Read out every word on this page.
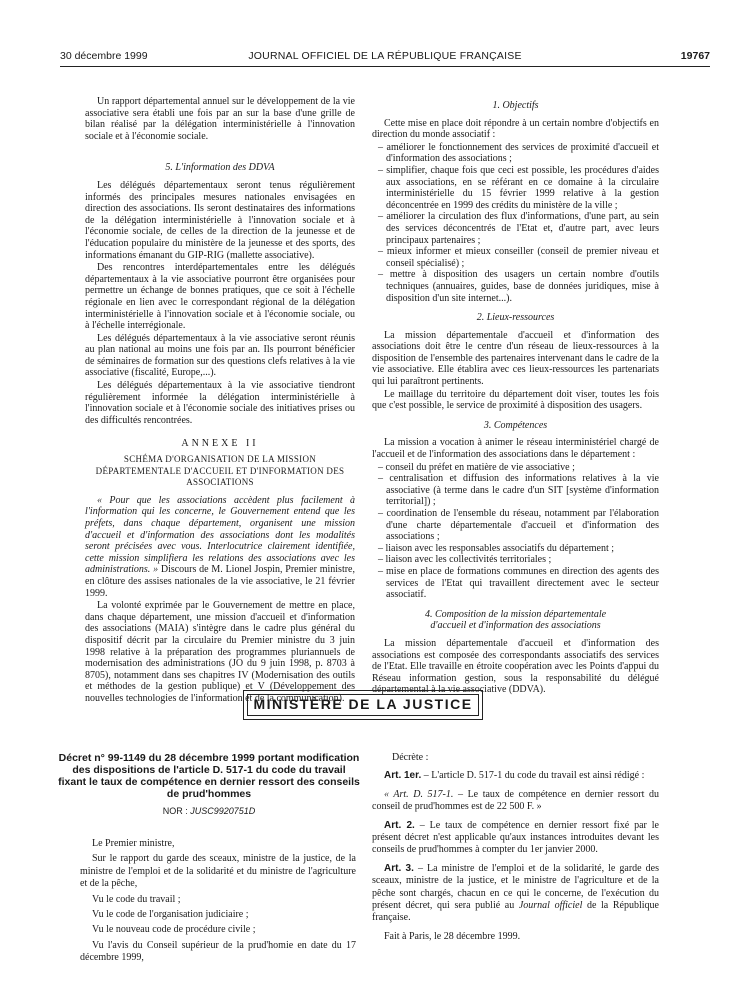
30 décembre 1999	JOURNAL OFFICIEL DE LA RÉPUBLIQUE FRANÇAISE	19767

Un rapport départemental annuel sur le développement de la vie associative sera établi une fois par an sur la base d'une grille de bilan réalisé par la délégation interministérielle à l'innovation sociale et à l'économie sociale.

5. L'information des DDVA

Les délégués départementaux seront tenus régulièrement informés des principales mesures nationales envisagées en direction des associations. Ils seront destinataires des informations de la délégation interministérielle à l'innovation sociale et à l'économie sociale, de celles de la direction de la jeunesse et de l'éducation populaire du ministère de la jeunesse et des sports, des informations émanant du GIP-RIG (mallette associative).

Des rencontres interdépartementales entre les délégués départementaux à la vie associative pourront être organisées pour permettre un échange de bonnes pratiques, que ce soit à l'échelle régionale en lien avec le correspondant régional de la délégation interministérielle à l'innovation sociale et à l'économie sociale, ou à l'échelle interrégionale.

Les délégués départementaux à la vie associative seront réunis au plan national au moins une fois par an. Ils pourront bénéficier de séminaires de formation sur des questions clefs relatives à la vie associative (fiscalité, Europe,...).

Les délégués départementaux à la vie associative tiendront régulièrement informée la délégation interministérielle à l'innovation sociale et à l'économie sociale des initiatives prises ou des difficultés rencontrées.

ANNEXE II

SCHÉMA D'ORGANISATION DE LA MISSION DÉPARTEMENTALE D'ACCUEIL ET D'INFORMATION DES ASSOCIATIONS

« Pour que les associations accèdent plus facilement à l'information qui les concerne, le Gouvernement entend que les préfets, dans chaque département, organisent une mission d'accueil et d'information des associations dont les modalités seront précisées avec vous. Interlocutrice clairement identifiée, cette mission simplifiera les relations des associations avec les administrations. » Discours de M. Lionel Jospin, Premier ministre, en clôture des assises nationales de la vie associative, le 21 février 1999.

La volonté exprimée par le Gouvernement de mettre en place, dans chaque département, une mission d'accueil et d'information des associations (MAIA) s'intègre dans le cadre plus général du dispositif décrit par la circulaire du Premier ministre du 3 juin 1998 relative à la préparation des programmes pluriannuels de modernisation des administrations (JO du 9 juin 1998, p. 8703 à 8705), notamment dans ses chapitres IV (Modernisation des outils et méthodes de la gestion publique) et V (Développement des nouvelles technologies de l'information et de la communication).

1. Objectifs

Cette mise en place doit répondre à un certain nombre d'objectifs en direction du monde associatif :

– améliorer le fonctionnement des services de proximité d'accueil et d'information des associations ;
– simplifier, chaque fois que ceci est possible, les procédures d'aides aux associations, en se référant en ce domaine à la circulaire interministérielle du 15 février 1999 relative à la gestion déconcentrée en 1999 des crédits du ministère de la ville ;
– améliorer la circulation des flux d'informations, d'une part, au sein des services déconcentrés de l'Etat et, d'autre part, avec leurs principaux partenaires ;
– mieux informer et mieux conseiller (conseil de premier niveau et conseil spécialisé) ;
– mettre à disposition des usagers un certain nombre d'outils techniques (annuaires, guides, base de données juridiques, mise à disposition d'un site internet...).

2. Lieux-ressources

La mission départementale d'accueil et d'information des associations doit être le centre d'un réseau de lieux-ressources à la disposition de l'ensemble des partenaires intervenant dans le cadre de la vie associative. Elle établira avec ces lieux-ressources les partenariats qui lui paraîtront pertinents.

Le maillage du territoire du département doit viser, toutes les fois que c'est possible, le service de proximité à disposition des usagers.

3. Compétences

La mission a vocation à animer le réseau interministériel chargé de l'accueil et de l'information des associations dans le département :

– conseil du préfet en matière de vie associative ;
– centralisation et diffusion des informations relatives à la vie associative (à terme dans le cadre d'un SIT [système d'information territorial]) ;
– coordination de l'ensemble du réseau, notamment par l'élaboration d'une charte départementale d'accueil et d'information des associations ;
– liaison avec les responsables associatifs du département ;
– liaison avec les collectivités territoriales ;
– mise en place de formations communes en direction des agents des services de l'Etat qui travaillent directement avec le secteur associatif.

4. Composition de la mission départementale d'accueil et d'information des associations

La mission départementale d'accueil et d'information des associations est composée des correspondants associatifs des services de l'Etat. Elle travaille en étroite coopération avec les Points d'appui du Réseau information gestion, sous la responsabilité du délégué départemental à la vie associative (DDVA).

MINISTÈRE DE LA JUSTICE
Décret n° 99-1149 du 28 décembre 1999 portant modification des dispositions de l'article D. 517-1 du code du travail fixant le taux de compétence en dernier ressort des conseils de prud'hommes
NOR : JUSC9920751D

Le Premier ministre,

Sur le rapport du garde des sceaux, ministre de la justice, de la ministre de l'emploi et de la solidarité et du ministre de l'agriculture et de la pêche,

Vu le code du travail ;

Vu le code de l'organisation judiciaire ;

Vu le nouveau code de procédure civile ;

Vu l'avis du Conseil supérieur de la prud'homie en date du 17 décembre 1999,

Décrète :

Art. 1er. – L'article D. 517-1 du code du travail est ainsi rédigé :

« Art. D. 517-1. – Le taux de compétence en dernier ressort du conseil de prud'hommes est de 22 500 F. »

Art. 2. – Le taux de compétence en dernier ressort fixé par le présent décret n'est applicable qu'aux instances introduites devant les conseils de prud'hommes à compter du 1er janvier 2000.

Art. 3. – La ministre de l'emploi et de la solidarité, le garde des sceaux, ministre de la justice, et le ministre de l'agriculture et de la pêche sont chargés, chacun en ce qui le concerne, de l'exécution du présent décret, qui sera publié au Journal officiel de la République française.

Fait à Paris, le 28 décembre 1999.
